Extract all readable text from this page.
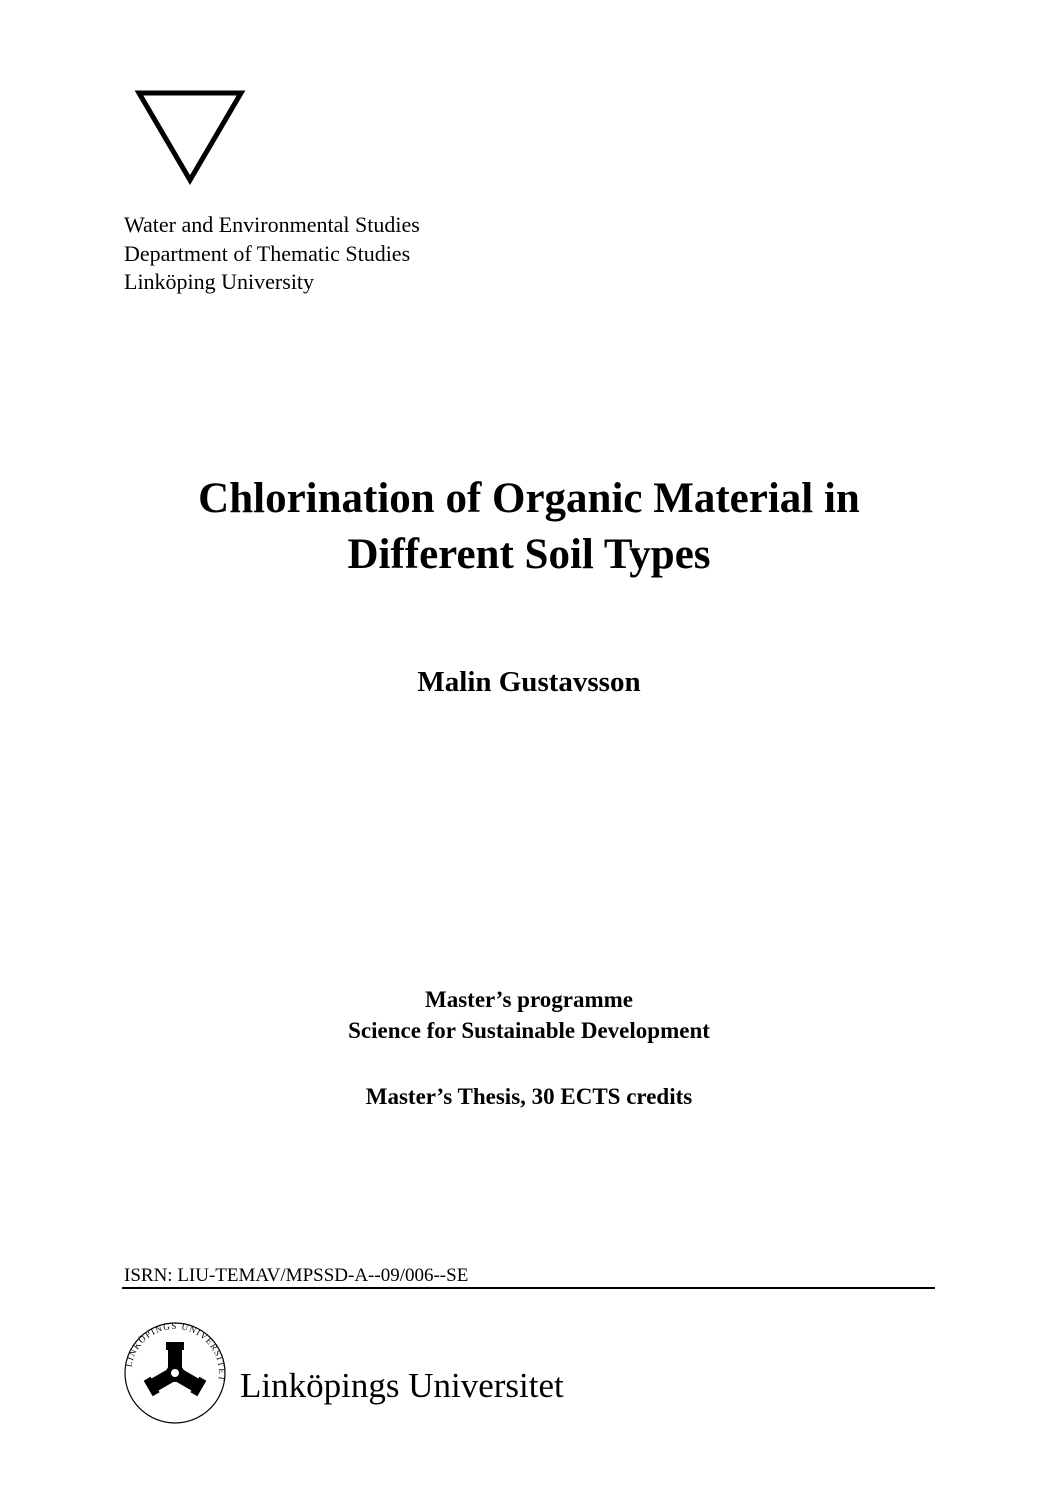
Water and Environmental Studies
Department of Thematic Studies
Linköping University
Chlorination of Organic Material in
Different Soil Types
Malin Gustavsson
Master’s programme
Science for Sustainable Development
Master’s Thesis, 30 ECTS credits
ISRN: LIU-TEMAV/MPSSD-A--09/006--SE
LINKÖPINGS UNIVERSITET Linköpings Universitet
